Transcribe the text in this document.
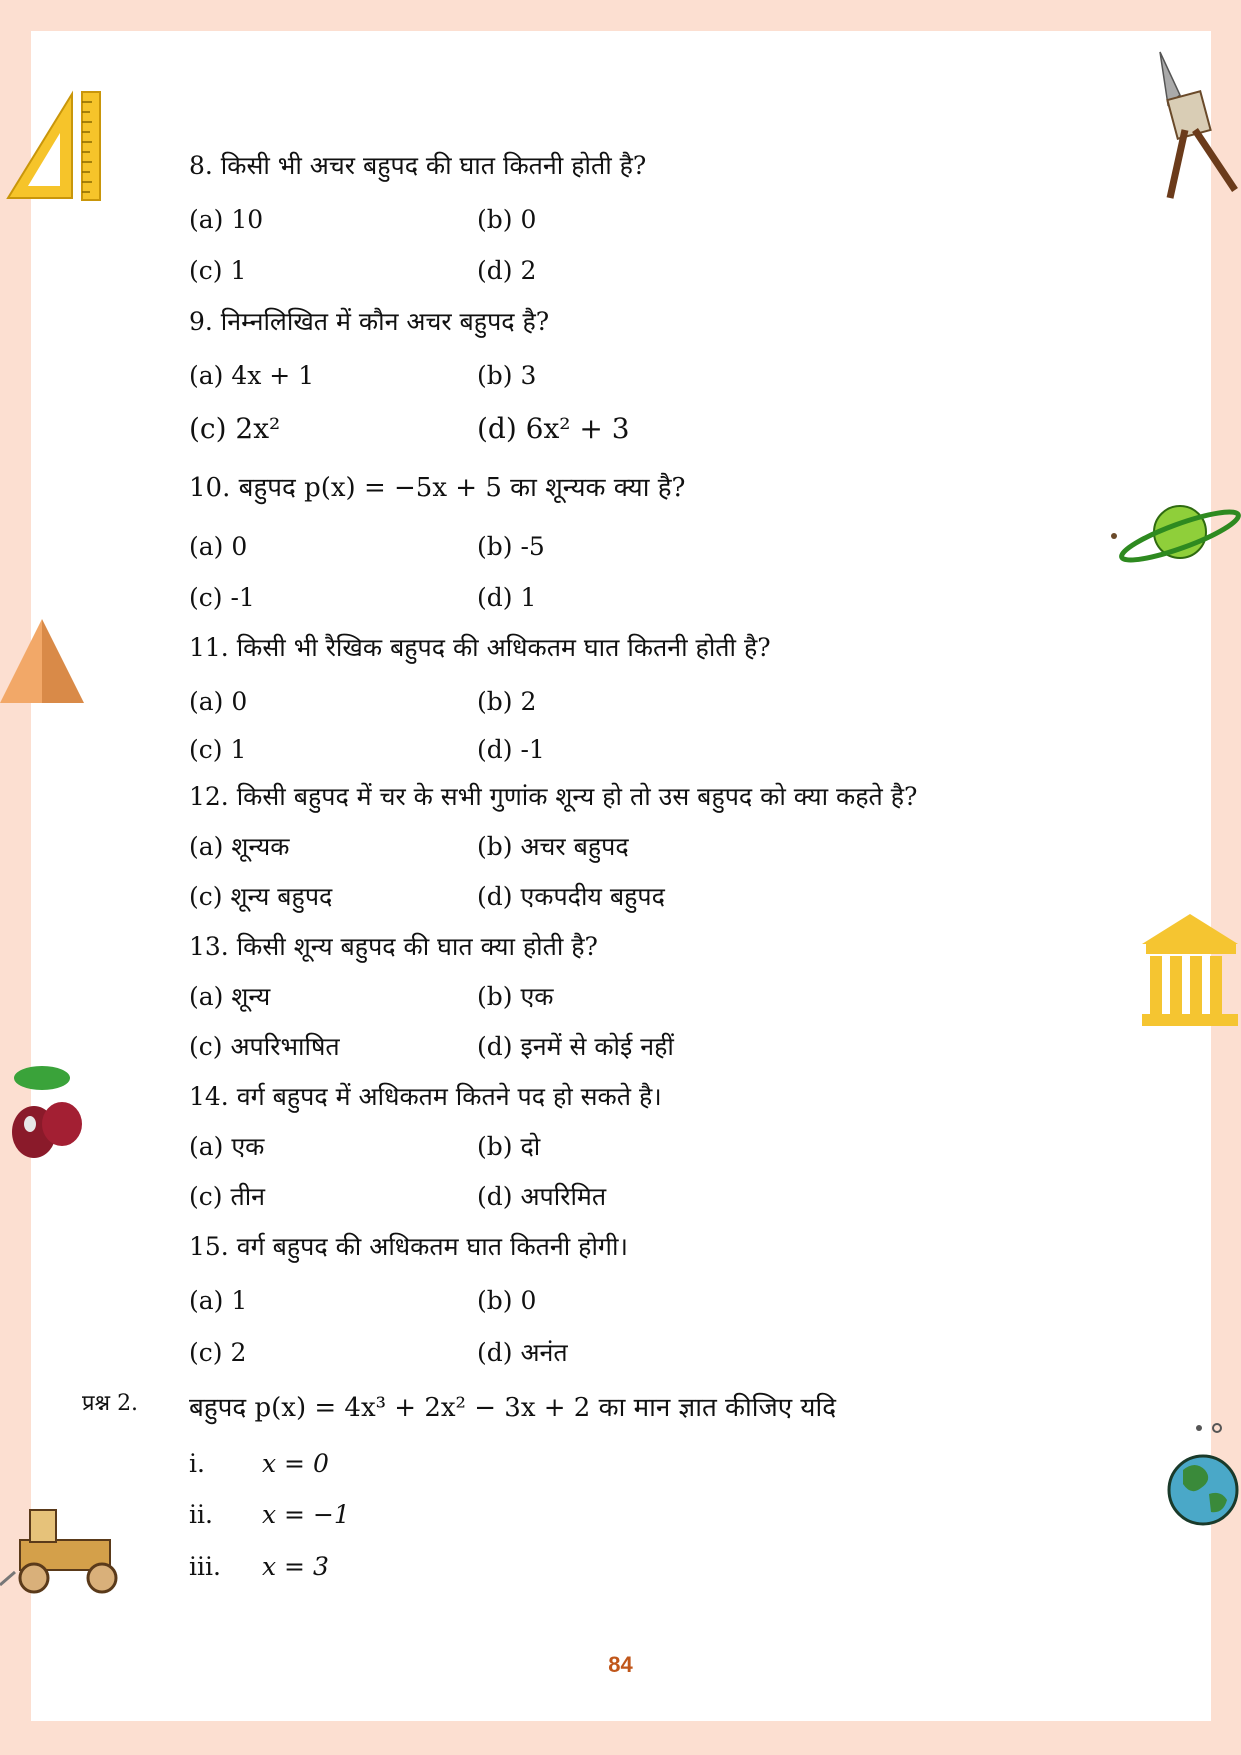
8. किसी भी अचर बहुपद की घात कितनी होती है?
(a) 10	(b) 0
(c) 1	(d) 2
9. निम्नलिखित में कौन अचर बहुपद है?
(a) 4x + 1	(b) 3
(c) 2x²	(d) 6x² + 3
10. बहुपद p(x) = −5x + 5 का शून्यक क्या है?
(a) 0	(b) -5
(c) -1	(d) 1
11. किसी भी रैखिक बहुपद की अधिकतम घात कितनी होती है?
(a) 0	(b) 2
(c) 1	(d) -1
12. किसी बहुपद में चर के सभी गुणांक शून्य हो तो उस बहुपद को क्या कहते है?
(a) शून्यक	(b) अचर बहुपद
(c) शून्य बहुपद	(d) एकपदीय बहुपद
13. किसी शून्य बहुपद की घात क्या होती है?
(a) शून्य	(b) एक
(c) अपरिभाषित	(d) इनमें से कोई नहीं
14. वर्ग बहुपद में अधिकतम कितने पद हो सकते है।
(a) एक	(b) दो
(c) तीन	(d) अपरिमित
15. वर्ग बहुपद की अधिकतम घात कितनी होगी।
(a) 1	(b) 0
(c) 2	(d) अनंत
प्रश्न 2. बहुपद p(x) = 4x³ + 2x² − 3x + 2 का मान ज्ञात कीजिए यदि
i. x = 0
ii. x = −1
iii. x = 3
84
